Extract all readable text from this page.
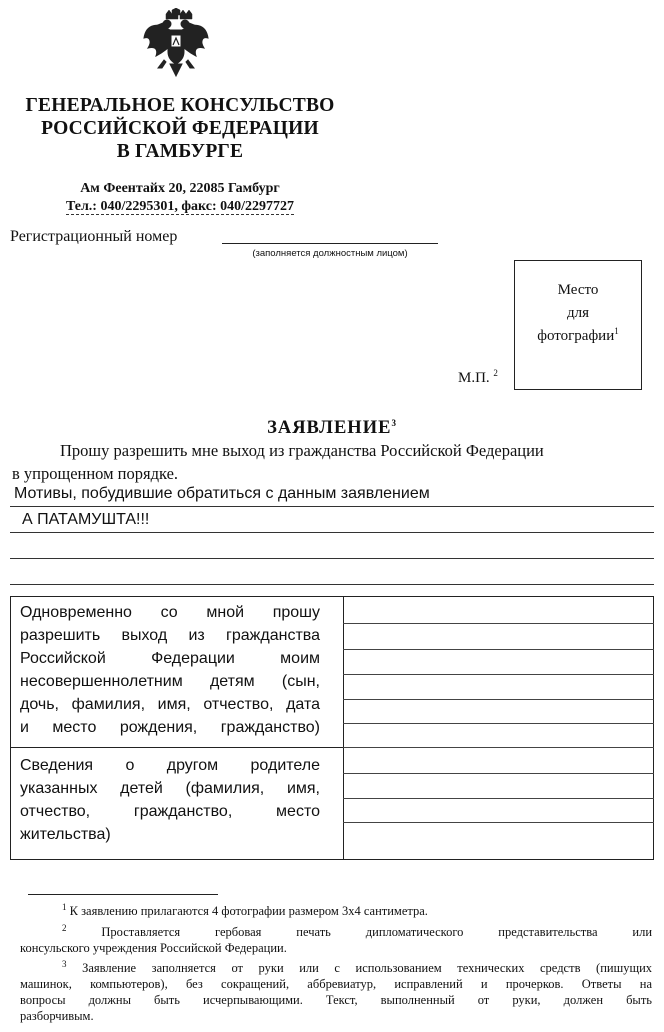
ГЕНЕРАЛЬНОЕ КОНСУЛЬСТВО
РОССИЙСКОЙ ФЕДЕРАЦИИ
В ГАМБУРГЕ
Ам Феентайх 20, 22085 Гамбург
Тел.: 040/2295301, факс: 040/2297727
Регистрационный номер
(заполняется должностным лицом)
Место
для
фотографии$^1$
М.П. $^2$
ЗАЯВЛЕНИЕ$^3$
Прошу разрешить мне выход из гражданства Российской Федерации
в упрощенном порядке.
Мотивы, побудившие обратиться с данным заявлением
А ПАТАМУШТА!!!
Одновременно со мной прошу
разрешить выход из гражданства
Российской Федерации моим
несовершеннолетним детям (сын,
дочь, фамилия, имя, отчество, дата
и место рождения, гражданство)
Сведения о другом родителе
указанных детей (фамилия, имя,
отчество, гражданство, место
жительства)
$^1$ К заявлению прилагаются 4 фотографии размером 3х4 сантиметра.
$^2$	Проставляется гербовая печать дипломатического представительства или
консульского учреждения Российской Федерации.
$^3$ Заявление заполняется от руки или с использованием технических средств (пишущих
машинок, компьютеров), без сокращений, аббревиатур, исправлений и прочерков. Ответы на
вопросы должны быть исчерпывающими. Текст, выполненный от руки, должен быть
разборчивым.
